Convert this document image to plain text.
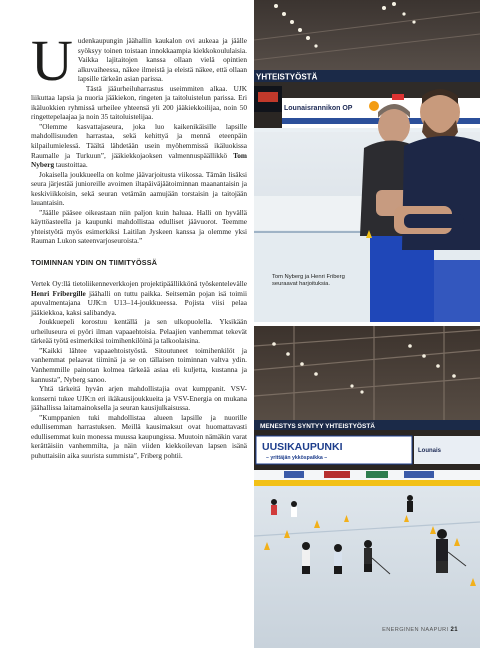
U udenkaupungin jäähallin kaukalon ovi aukeaa ja jäälle syöksyy toinen toistaan innokkaampia kiekkokoululaisia. Vaikka lajitaitojen kanssa ollaan vielä opintien alkuvaiheessa, näkee ilmeistä ja eleistä näkee, että ollaan lapsille tärkeän asian parissa.

Tästä jääurheiluharrastus useimmiten alkaa. UJK liikuttaa lapsia ja nuoria jääkiekon, ringeten ja taitoluistelun parissa. Eri ikäluokkien ryhmissä urheilee yhteensä yli 200 jääkiekkoilijaa, noin 50 ringettepelaajaa ja noin 35 taitoluistelijaa.

”Olemme kasvattajaseura, joka luo kaikenikäisille lapsille mahdollisuuden harrastaa, sekä kehittyä ja mennä eteenpäin kilpailumielessä. Täältä lähdetään usein myöhemmissä ikäluokissa Raumalle ja Turkuun”, jääkiekkojaoksen valmennuspäällikkö Tom Nyberg taustoittaa.

Jokaisella joukkueella on kolme jäävarjoitusta viikossa. Tämän lisäksi seura järjestää junioreille avoimen iltapäiväjäätoiminnan maanantaisin ja keskiviikkoisin, sekä seuran vetämän aamujään torstaisin ja taitojään lauantaisin.

”Jäälle pääsee oikeastaan niin paljon kuin haluaa. Halli on hyvällä käyttöasteella ja kaupunki mahdollistaa edulliset jäävuorot. Teemme yhteistyötä myös esimerkiksi Laitilan Jyskeen kanssa ja olemme yksi Rauman Lukon sateenvarjoseuroista.”

TOIMINNAN YDIN ON TIIMITYÖSSÄ

Vertek Oy:llä tietoliikenneverkkojen projektipäällikkönä työskentelevälle Henri Fribergille jäähalli on tuttu paikka. Seitsemän pojan isä toimii apuvalmentajana UJK:n U13–14-joukkueessa. Pojista viisi pelaa jääkiekkoa, kaksi salibandya.

Joukkuepeli korostuu kentällä ja sen ulkopuolella. Yksikään urheiluseura ei pyöri ilman vapaaehtoisia. Pelaajien vanhemmat tekevät tärkeää työtä esimerkiksi toimihenkilöinä ja talkoolaisina.

”Kaikki lähtee vapaaehtoistyöstä. Sitoutuneet toimihenkilöt ja vanhemmat pelaavat tiiminä ja se on tällaisen toiminnan valtva ydin. Vanhemmille painotan kolmea tärkeää asiaa eli kuljetta, kustanna ja kannusta”, Nyberg sanoo.

Yhtä tärkeitä hyvän arjen mahdollistajia ovat kumppanit. VSV-konserni tukee UJK:n eri ikäkausijoukkueita ja VSV-Energia on mukana jäähallissa laitamainoksella ja seuran kausijulkaisussa.

”Kumppanien tuki mahdollistaa alueen lapsille ja nuorille edullisemman harrastuksen. Meillä kausimaksut ovat huomattavasti edullisemmat kuin monessa muussa kaupungissa. Muutoin nämäkin varat kerättäisiin vanhemmilta, ja näin viiden kiekkoilevan lapsen isänä puhuttaisiin aika suurista summista”, Friberg pohtii.

YHTEISTYÖSTÄ
Lounaisrannikon OP
Tom Nyberg ja Henri Friberg seuraavat harjoituksia.
MENESTYS SYNTYY YHTEISTYÖSTÄ
UUSIKAUPUNKI
– yrittäjän ykköspaikka –
Lounais
ENERGINEN NAAPURI 21
